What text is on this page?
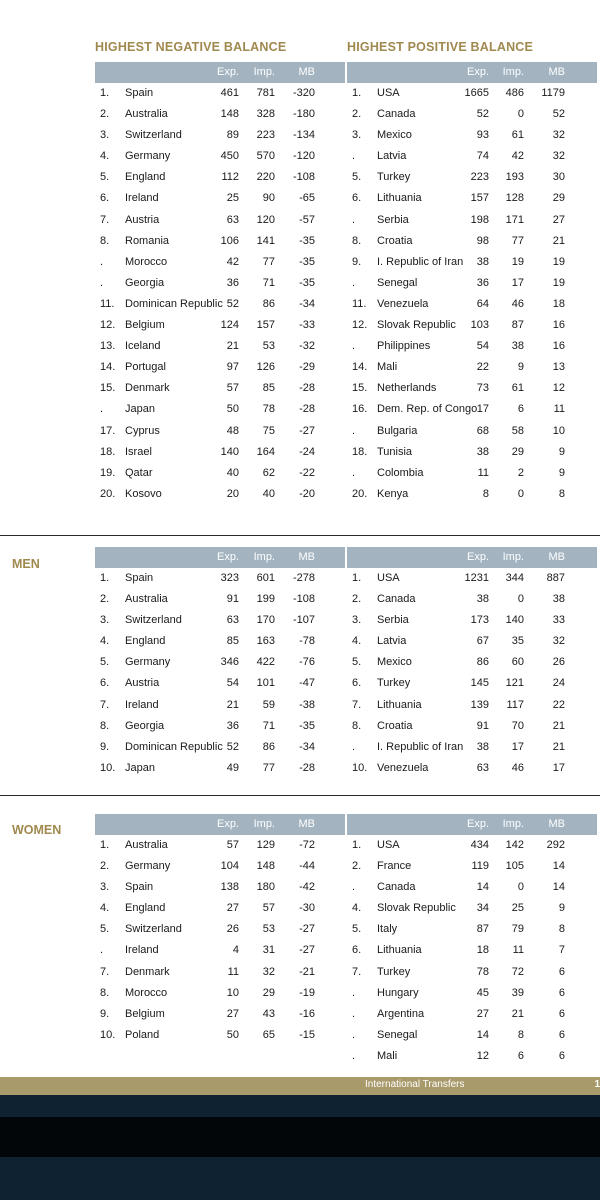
HIGHEST NEGATIVE BALANCE	HIGHEST POSITIVE BALANCE
Exp. Imp. MB
1. Spain	461 781 -320
2. Australia	148 328 -180
3. Switzerland	89 223 -134
4. Germany	450 570 -120
5. England	112 220 -108
6. Ireland	25 90 -65
7. Austria	63 120 -57
8. Romania	106 141 -35
. Morocco	42 77 -35
. Georgia	36 71 -35
11. Dominican Republic 52 86 -34
12. Belgium	124 157 -33
13. Iceland	21 53 -32
14. Portugal	97 126 -29
15. Denmark	57 85 -28
. Japan	50 78 -28
17. Cyprus	48 75 -27
18. Israel	140 164 -24
19. Qatar	40 62 -22
20. Kosovo	20 40 -20
Exp. Imp. MB
1. USA	1665 486 1179
2. Canada	52	0	52
3. Mexico	93 61	32
. Latvia	74 42	32
5. Turkey	223 193	30
6. Lithuania	157 128	29
. Serbia	198 171	27
8. Croatia	98 77	21
9. I. Republic of Iran 38 19	19
. Senegal	36 17	19
11. Venezuela	64 46	18
12. Slovak Republic 103 87	16
. Philippines	54 38	16
14. Mali	22	9	13
15. Netherlands	73 61	12
16. Dem. Rep. of Congo 17	6	11
. Bulgaria	68 58	10
18. Tunisia	38 29	9
. Colombia	11	2	9
20. Kenya	8	0	8
MEN	Exp. Imp. MB
1. Spain	323 601 -278
2. Australia	91 199 -108
3. Switzerland	63 170 -107
4. England	85 163 -78
5. Germany	346 422 -76
6. Austria	54 101 -47
7. Ireland	21 59 -38
8. Georgia	36 71 -35
9. Dominican Republic 52 86 -34
10. Japan	49 77 -28
Exp. Imp. MB
1. USA	1231 344 887
2. Canada	38	0	38
3. Serbia	173 140	33
4. Latvia	67 35	32
5. Mexico	86 60	26
6. Turkey	145 121	24
7. Lithuania	139 117	22
8. Croatia	91 70	21
. I. Republic of Iran 38 17	21
10. Venezuela	63 46	17
WOMEN	Exp. Imp. MB
1. Australia	57 129 -72
2. Germany	104 148 -44
3. Spain	138 180 -42
4. England	27 57 -30
5. Switzerland	26 53 -27
. Ireland	4 31 -27
7. Denmark	11 32 -21
8. Morocco	10 29 -19
9. Belgium	27 43 -16
10. Poland	50 65 -15
Exp. Imp. MB
1. USA	434 142 292
2. France	119 105	14
. Canada	14	0	14
4. Slovak Republic 34 25	9
5. Italy	87 79	8
6. Lithuania	18 11	7
7. Turkey	78 72	6
. Hungary	45 39	6
. Argentina	27 21	6
. Senegal	14	8	6
. Mali	12	6	6
International Transfers	1
